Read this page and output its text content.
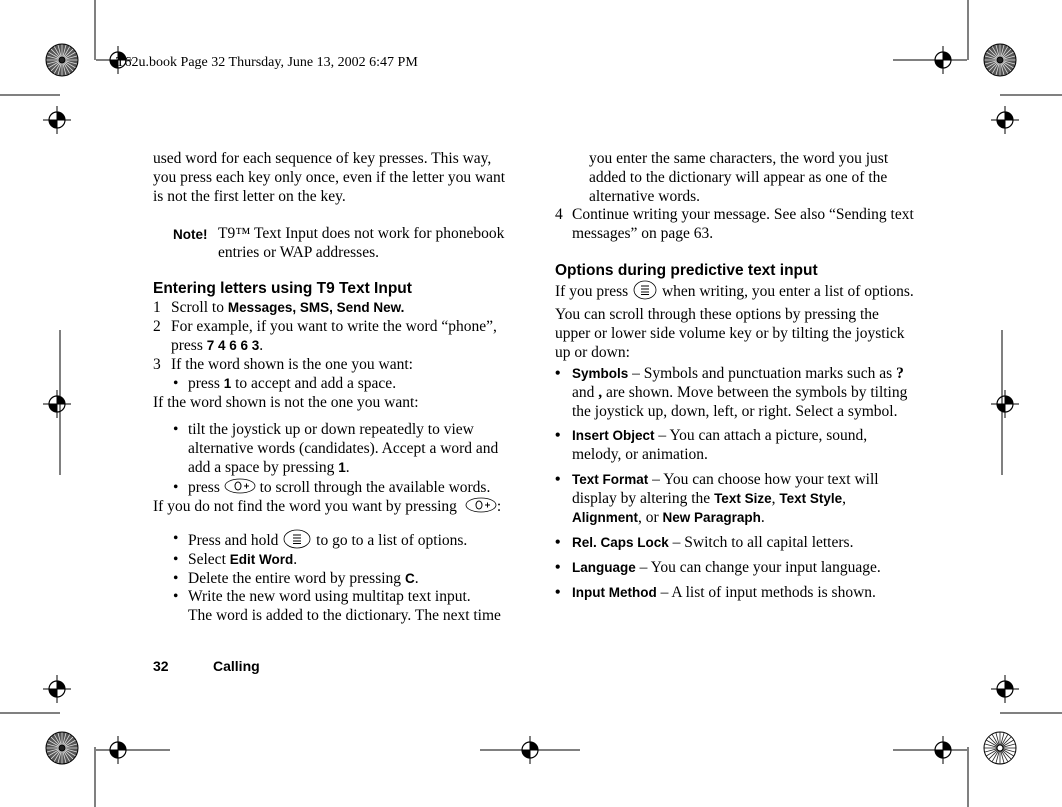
T62u.book Page 32 Thursday, June 13, 2002 6:47 PM
used word for each sequence of key presses. This way,
you press each key only once, even if the letter you want
is not the first letter on the key.
Note! T9™ Text Input does not work for phonebook
entries or WAP addresses.
Entering letters using T9 Text Input
1 Scroll to Messages, SMS, Send New.
2 For example, if you want to write the word “phone”,
press 7 4 6 6 3.
3 If the word shown is the one you want:
• press 1 to accept and add a space.
If the word shown is not the one you want:
• tilt the joystick up or down repeatedly to view
alternative words (candidates). Accept a word and
add a space by pressing 1.
• press  to scroll through the available words.
If you do not find the word you want by pressing :
• Press and hold  to go to a list of options.
• Select Edit Word.
• Delete the entire word by pressing C.
• Write the new word using multitap text input.
The word is added to the dictionary. The next time
you enter the same characters, the word you just
added to the dictionary will appear as one of the
alternative words.
4 Continue writing your message. See also “Sending text
messages” on page 63.
Options during predictive text input
If you press  when writing, you enter a list of options.
You can scroll through these options by pressing the
upper or lower side volume key or by tilting the joystick
up or down:
• Symbols – Symbols and punctuation marks such as ?
and , are shown. Move between the symbols by tilting
the joystick up, down, left, or right. Select a symbol.
• Insert Object – You can attach a picture, sound,
melody, or animation.
• Text Format – You can choose how your text will
display by altering the Text Size, Text Style,
Alignment, or New Paragraph.
• Rel. Caps Lock – Switch to all capital letters.
• Language – You can change your input language.
• Input Method – A list of input methods is shown.
32	Calling
